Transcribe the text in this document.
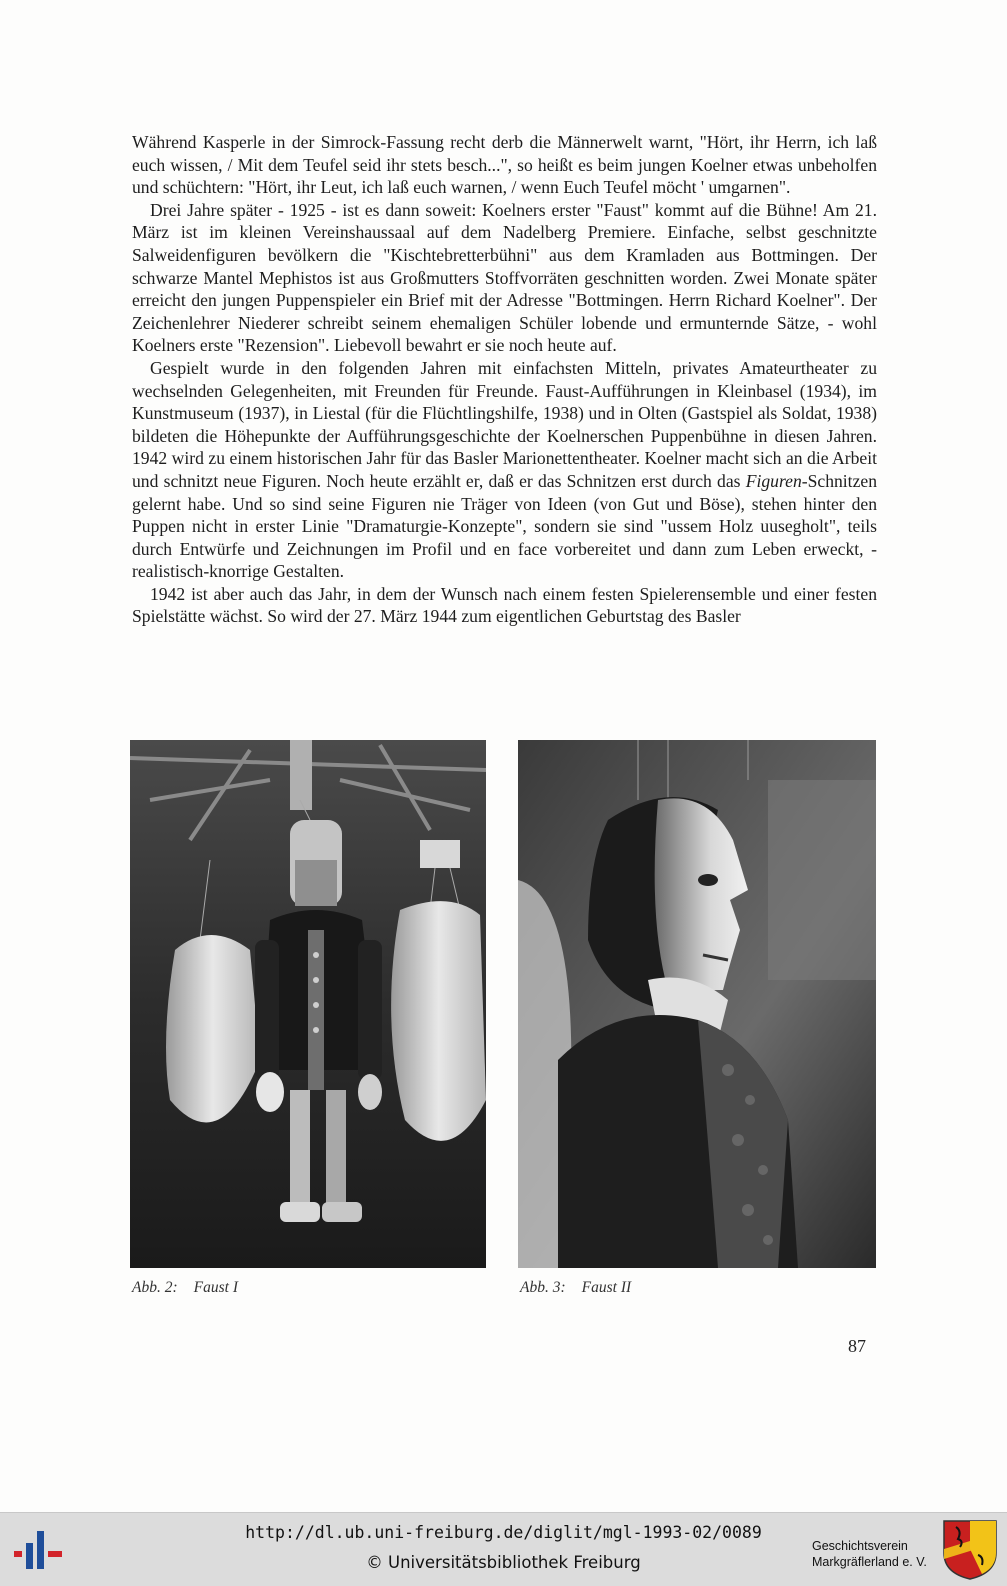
Während Kasperle in der Simrock-Fassung recht derb die Männerwelt warnt, "Hört, ihr Herrn, ich laß euch wissen, / Mit dem Teufel seid ihr stets besch...", so heißt es beim jungen Koelner etwas unbeholfen und schüchtern: "Hört, ihr Leut, ich laß euch warnen, / wenn Euch Teufel möcht ' umgarnen".

Drei Jahre später - 1925 - ist es dann soweit: Koelners erster "Faust" kommt auf die Bühne! Am 21. März ist im kleinen Vereinshaussaal auf dem Nadelberg Premiere. Einfache, selbst geschnitzte Salweidenfiguren bevölkern die "Kischtebretterbühni" aus dem Kramladen aus Bottmingen. Der schwarze Mantel Mephistos ist aus Großmutters Stoffvorräten geschnitten worden. Zwei Monate später erreicht den jungen Puppenspieler ein Brief mit der Adresse "Bottmingen. Herrn Richard Koelner". Der Zeichenlehrer Niederer schreibt seinem ehemaligen Schüler lobende und ermunternde Sätze, - wohl Koelners erste "Rezension". Liebevoll bewahrt er sie noch heute auf.

Gespielt wurde in den folgenden Jahren mit einfachsten Mitteln, privates Amateurtheater zu wechselnden Gelegenheiten, mit Freunden für Freunde. Faust-Aufführungen in Kleinbasel (1934), im Kunstmuseum (1937), in Liestal (für die Flüchtlingshilfe, 1938) und in Olten (Gastspiel als Soldat, 1938) bildeten die Höhepunkte der Aufführungsgeschichte der Koelnerschen Puppenbühne in diesen Jahren. 1942 wird zu einem historischen Jahr für das Basler Marionettentheater. Koelner macht sich an die Arbeit und schnitzt neue Figuren. Noch heute erzählt er, daß er das Schnitzen erst durch das Figuren-Schnitzen gelernt habe. Und so sind seine Figuren nie Träger von Ideen (von Gut und Böse), stehen hinter den Puppen nicht in erster Linie "Dramaturgie-Konzepte", sondern sie sind "ussem Holz uusegholt", teils durch Entwürfe und Zeichnungen im Profil und en face vorbereitet und dann zum Leben erweckt, - realistisch-knorrige Gestalten.

1942 ist aber auch das Jahr, in dem der Wunsch nach einem festen Spielerensemble und einer festen Spielstätte wächst. So wird der 27. März 1944 zum eigentlichen Geburtstag des Basler

Abb. 2: Faust I	Abb. 3: Faust II
87
http://dl.ub.uni-freiburg.de/diglit/mgl-1993-02/0089
© Universitätsbibliothek Freiburg
Geschichtsverein
Markgräflerland e. V.
